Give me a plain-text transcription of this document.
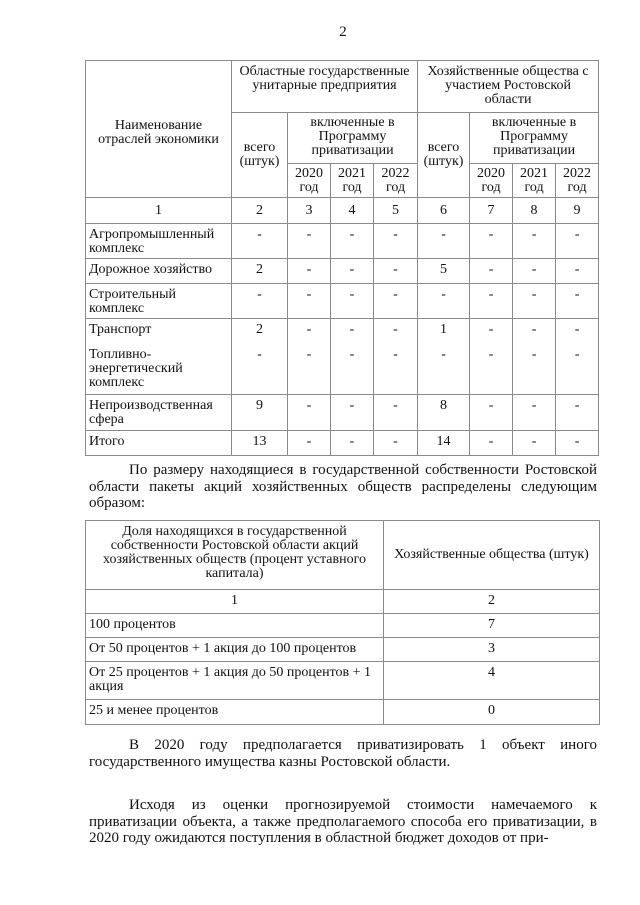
2
Наименование отраслей экономики	Областные государственные унитарные предприятия				Хозяйственные общества с участием Ростовской области			
	всего (штук)	включенные в Программу приватизации			всего (штук)	включенные в Программу приватизации		
		2020 год	2021 год	2022 год		2020 год	2021 год	2022 год
1	2	3	4	5	6	7	8	9
Агропромышленный комплекс	-	-	-	-	-	-	-	-
Дорожное хозяйство	2	-	-	-	5	-	-	-
Строительный комплекс	-	-	-	-	-	-	-	-
Транспорт	2	-	-	-	1	-	-	-
Топливно-энергетический комплекс	-	-	-	-	-	-	-	-
Непроизводственная сфера	9	-	-	-	8	-	-	-
Итого	13	-	-	-	14	-	-	-
По размеру находящиеся в государственной собственности Ростовской области пакеты акций хозяйственных обществ распределены следующим образом:
Доля находящихся в государственной собственности Ростовской области акций хозяйственных обществ (процент уставного капитала)	Хозяйственные общества (штук)
1	2
100 процентов	7
От 50 процентов + 1 акция до 100 процентов	3
От 25 процентов + 1 акция до 50 процентов + 1 акция	4
25 и менее процентов	0
В 2020 году предполагается приватизировать 1 объект иного государственного имущества казны Ростовской области.
Исходя из оценки прогнозируемой стоимости намечаемого к приватизации объекта, а также предполагаемого способа его приватизации, в 2020 году ожидаются поступления в областной бюджет доходов от при-
